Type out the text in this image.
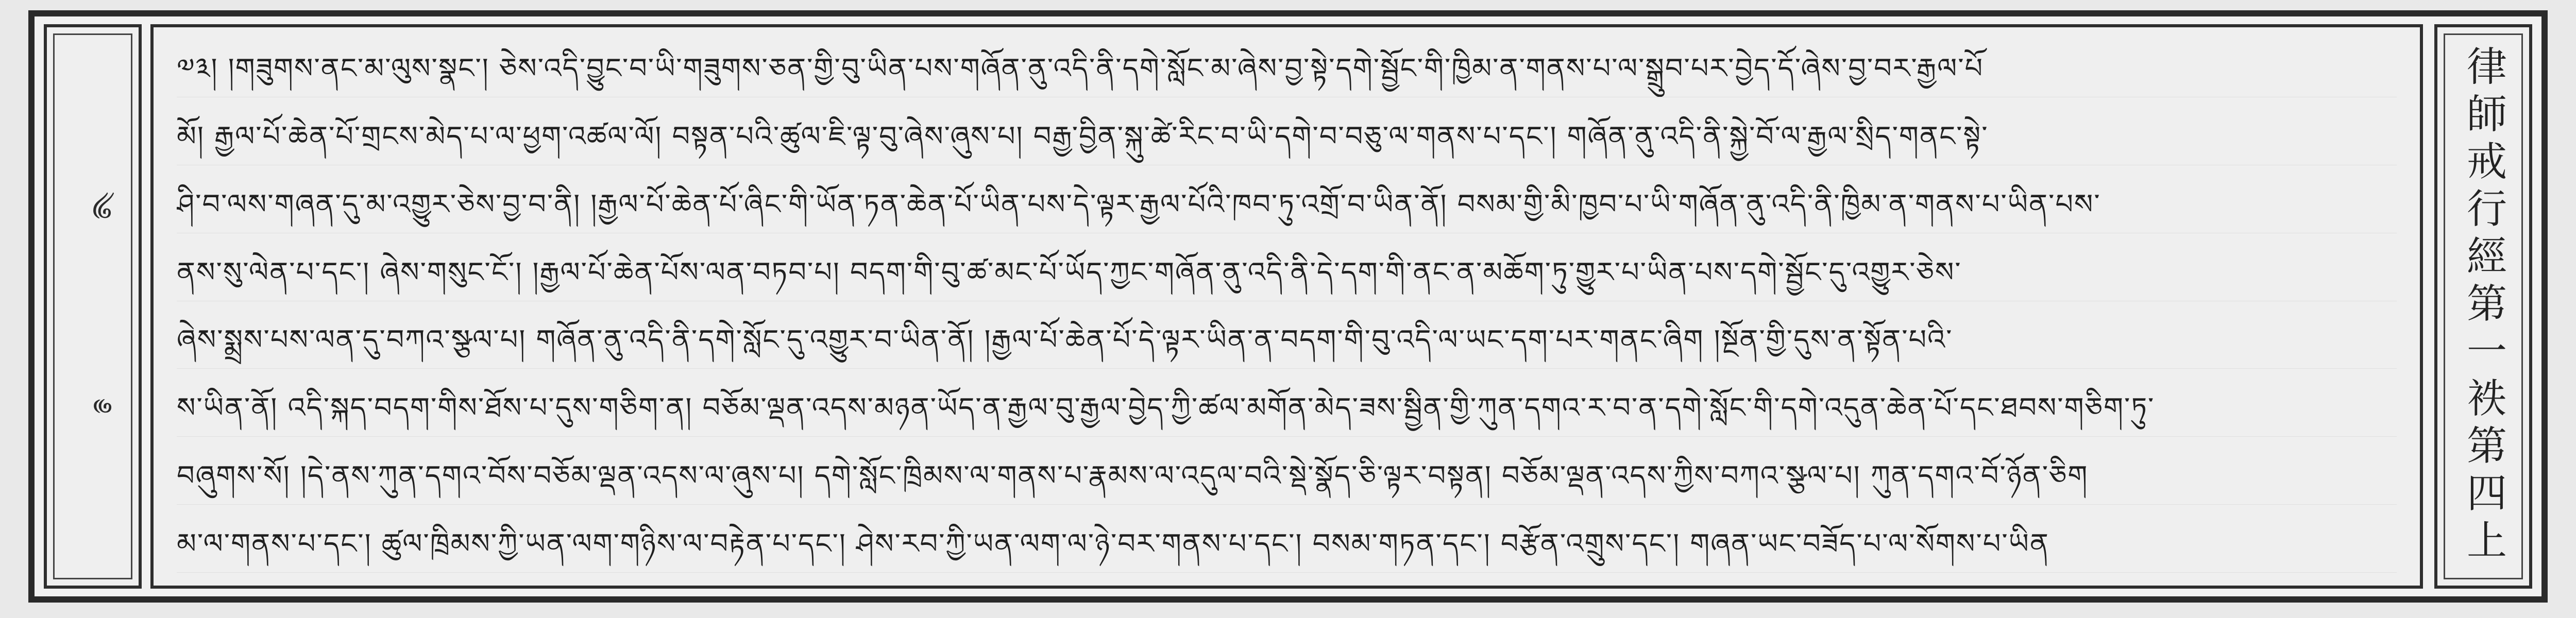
༄
༅
༧༣། །གཟུགས་ནང་མ་ལུས་སྣང་། ཅེས་འདི་བྱུང་བ་ཡི་གཟུགས་ཅན་གྱི་བུ་ཡིན་པས་གཞོན་ནུ་འདི་ནི་དགེ་སློང་མ་ཞེས་བྱ་སྟེ་དགེ་སྦྱོང་གི་ཁྱིམ་ན་གནས་པ་ལ་སྒྲུབ་པར་བྱེད་དོ་ཞེས་བྱ་བར་རྒྱལ་པོ
མོ། རྒྱལ་པོ་ཆེན་པོ་གྲངས་མེད་པ་ལ་ཕྱག་འཚལ་ལོ། བསྟན་པའི་ཚུལ་ཇི་ལྟ་བུ་ཞེས་ཞུས་པ། བརྒྱ་བྱིན་སྐུ་ཚེ་རིང་བ་ཡི་དགེ་བ་བཅུ་ལ་གནས་པ་དང་། གཞོན་ནུ་འདི་ནི་སྐྱེ་བོ་ལ་རྒྱལ་སྲིད་གནང་སྟེ་
ཤི་བ་ལས་གཞན་དུ་མ་འགྱུར་ཅེས་བྱ་བ་ནི། །རྒྱལ་པོ་ཆེན་པོ་ཞིང་གི་ཡོན་ཏན་ཆེན་པོ་ཡིན་པས་དེ་ལྟར་རྒྱལ་པོའི་ཁབ་ཏུ་འགྲོ་བ་ཡིན་ནོ། བསམ་གྱི་མི་ཁྱབ་པ་ཡི་གཞོན་ནུ་འདི་ནི་ཁྱིམ་ན་གནས་པ་ཡིན་པས་
ནས་སུ་ལེན་པ་དང་། ཞེས་གསུང་ངོ་། །རྒྱལ་པོ་ཆེན་པོས་ལན་བཏབ་པ། བདག་གི་བུ་ཚ་མང་པོ་ཡོད་ཀྱང་གཞོན་ནུ་འདི་ནི་དེ་དག་གི་ནང་ན་མཆོག་ཏུ་གྱུར་པ་ཡིན་པས་དགེ་སྦྱོང་དུ་འགྱུར་ཅེས་
ཞེས་སྨྲས་པས་ལན་དུ་བཀའ་སྩལ་པ། གཞོན་ནུ་འདི་ནི་དགེ་སློང་དུ་འགྱུར་བ་ཡིན་ནོ། །རྒྱལ་པོ་ཆེན་པོ་དེ་ལྟར་ཡིན་ན་བདག་གི་བུ་འདི་ལ་ཡང་དག་པར་གནང་ཞིག །སྔོན་གྱི་དུས་ན་སྟོན་པའི་
ས་ཡིན་ནོ། འདི་སྐད་བདག་གིས་ཐོས་པ་དུས་གཅིག་ན། བཅོམ་ལྡན་འདས་མཉན་ཡོད་ན་རྒྱལ་བུ་རྒྱལ་བྱེད་ཀྱི་ཚལ་མགོན་མེད་ཟས་སྦྱིན་གྱི་ཀུན་དགའ་ར་བ་ན་དགེ་སློང་གི་དགེ་འདུན་ཆེན་པོ་དང་ཐབས་གཅིག་ཏུ་
བཞུགས་སོ། །དེ་ནས་ཀུན་དགའ་བོས་བཅོམ་ལྡན་འདས་ལ་ཞུས་པ། དགེ་སློང་ཁྲིམས་ལ་གནས་པ་རྣམས་ལ་འདུལ་བའི་སྡེ་སྣོད་ཅི་ལྟར་བསྟན། བཅོམ་ལྡན་འདས་ཀྱིས་བཀའ་སྩལ་པ། ཀུན་དགའ་བོ་ཉོན་ཅིག
མ་ལ་གནས་པ་དང་། ཚུལ་ཁྲིམས་ཀྱི་ཡན་ལག་གཉིས་ལ་བརྟེན་པ་དང་། ཤེས་རབ་ཀྱི་ཡན་ལག་ལ་ཉེ་བར་གནས་པ་དང་། བསམ་གཏན་དང་། བརྩོན་འགྲུས་དང་། གཞན་ཡང་བཟོད་པ་ལ་སོགས་པ་ཡིན	律師戒行經第一袟第四上
